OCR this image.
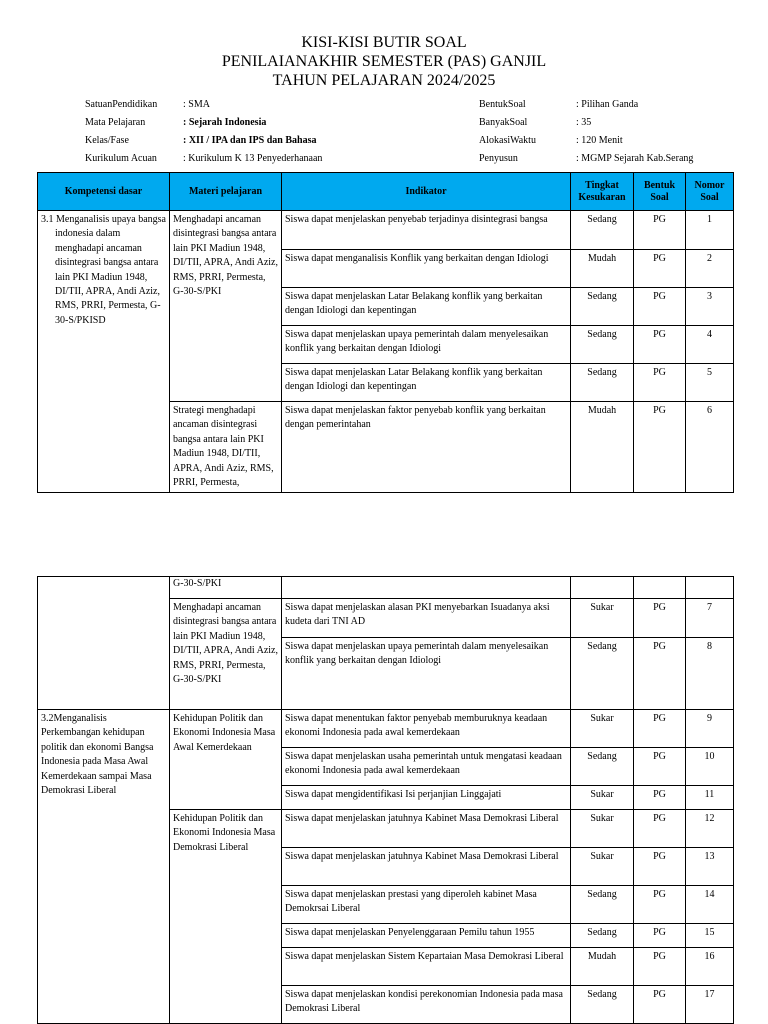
KISI-KISI BUTIR SOAL
PENILAIANAKHIR SEMESTER (PAS) GANJIL
TAHUN PELAJARAN 2024/2025
SatuanPendidikan	: SMA
Mata Pelajaran	: Sejarah Indonesia
Kelas/Fase	: XII / IPA dan IPS dan Bahasa
Kurikulum Acuan	: Kurikulum K 13 Penyederhanaan
BentukSoal	: Pilihan Ganda
BanyakSoal	: 35
AlokasiWaktu	: 120 Menit
Penyusun	: MGMP Sejarah Kab.Serang
Kompetensi dasar	Materi pelajaran	Indikator	Tingkat Kesukaran	Bentuk Soal	Nomor Soal
3.1 Menganalisis upaya bangsa indonesia dalam menghadapi ancaman disintegrasi bangsa antara lain PKI Madiun 1948, DI/TII, APRA, Andi Aziz, RMS, PRRI, Permesta, G-30-S/PKISD	Menghadapi ancaman disintegrasi bangsa antara lain PKI Madiun 1948, DI/TII, APRA, Andi Aziz, RMS, PRRI, Permesta, G-30-S/PKI	Siswa dapat menjelaskan penyebab terjadinya disintegrasi bangsa	Sedang	PG	1
		Siswa dapat menganalisis Konflik yang berkaitan dengan Idiologi	Mudah	PG	2
		Siswa dapat menjelaskan Latar Belakang konflik yang berkaitan dengan Idiologi dan kepentingan	Sedang	PG	3
		Siswa dapat menjelaskan upaya pemerintah dalam menyelesaikan konflik yang berkaitan dengan Idiologi	Sedang	PG	4
		Siswa dapat menjelaskan Latar Belakang konflik yang berkaitan dengan Idiologi dan kepentingan	Sedang	PG	5
	Strategi menghadapi ancaman disintegrasi bangsa antara lain PKI Madiun 1948, DI/TII, APRA, Andi Aziz, RMS, PRRI, Permesta,	Siswa dapat menjelaskan faktor penyebab konflik yang berkaitan dengan pemerintahan	Mudah	PG	6
	G-30-S/PKI				
	Menghadapi ancaman disintegrasi bangsa antara lain PKI Madiun 1948, DI/TII, APRA, Andi Aziz, RMS, PRRI, Permesta, G-30-S/PKI	Siswa dapat menjelaskan alasan PKI menyebarkan Isuadanya aksi kudeta dari TNI AD	Sukar	PG	7
		Siswa dapat menjelaskan upaya pemerintah dalam menyelesaikan konflik yang berkaitan dengan Idiologi	Sedang	PG	8
3.2Menganalisis Perkembangan kehidupan politik dan ekonomi Bangsa Indonesia pada Masa Awal Kemerdekaan sampai Masa Demokrasi Liberal	Kehidupan Politik dan Ekonomi Indonesia Masa Awal Kemerdekaan	Siswa dapat menentukan faktor penyebab memburuknya keadaan ekonomi Indonesia pada awal kemerdekaan	Sukar	PG	9
		Siswa dapat menjelaskan usaha pemerintah untuk mengatasi keadaan ekonomi Indonesia pada awal kemerdekaan	Sedang	PG	10
		Siswa dapat mengidentifikasi Isi perjanjian Linggajati	Sukar	PG	11
	Kehidupan Politik dan Ekonomi Indonesia Masa Demokrasi Liberal	Siswa dapat menjelaskan jatuhnya Kabinet Masa Demokrasi Liberal	Sukar	PG	12
		Siswa dapat menjelaskan jatuhnya Kabinet Masa Demokrasi Liberal	Sukar	PG	13
		Siswa dapat menjelaskan prestasi yang diperoleh kabinet Masa Demokrsai Liberal	Sedang	PG	14
		Siswa dapat menjelaskan Penyelenggaraan Pemilu tahun 1955	Sedang	PG	15
		Siswa dapat menjelaskan Sistem Kepartaian Masa Demokrasi Liberal	Mudah	PG	16
		Siswa dapat menjelaskan kondisi perekonomian Indonesia pada masa Demokrasi Liberal	Sedang	PG	17
